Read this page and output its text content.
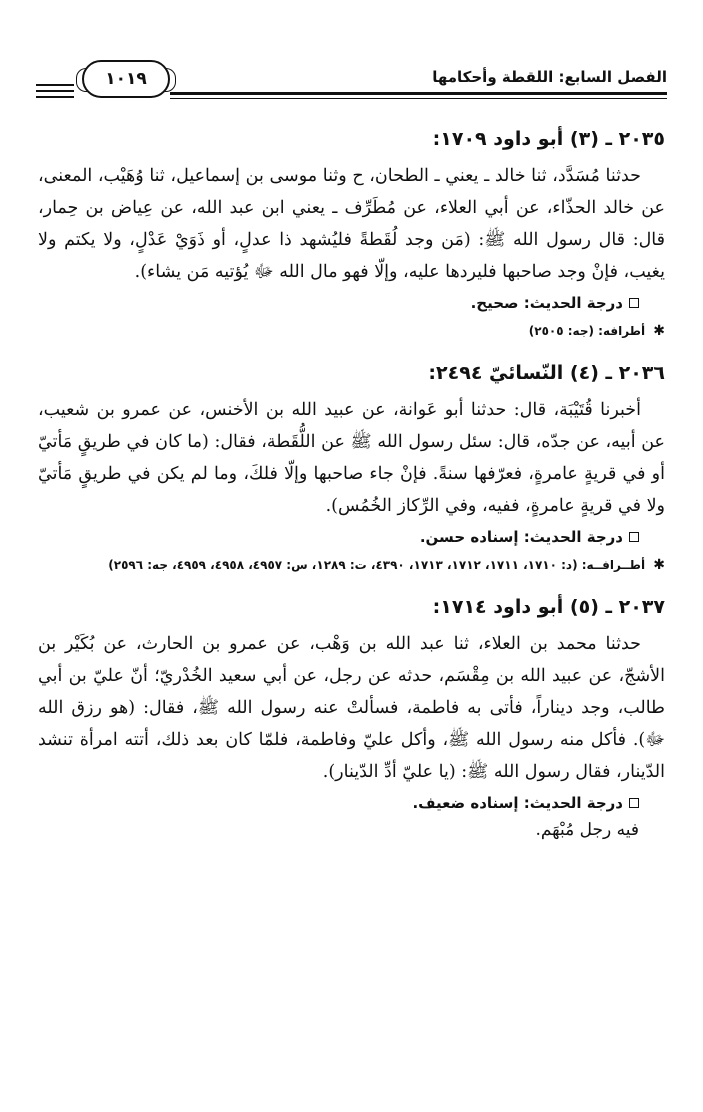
الفصل السابع: اللقطة وأحكامها
١٠١٩
٢٠٣٥ ـ (٣) أبو داود ١٧٠٩:

حدثنا مُسَدَّد، ثنا خالد ـ يعني ـ الطحان، ح وثنا موسى بن إسماعيل، ثنا وُهَيْب، المعنى، عن خالد الحذّاء، عن أبي العلاء، عن مُطَرِّف ـ يعني ابن عبد الله، عن عِياض بن حِمار، قال: قال رسول الله ﷺ: (مَن وجد لُقَطةً فليُشهد ذا عدلٍ، أو ذَوَيْ عَدْلٍ، ولا يكتم ولا يغيب، فإنْ وجد صاحبها فليردها عليه، وإلّا فهو مال الله ﷻ يُؤتيه مَن يشاء).

درجة الحديث: صحيح.
✱ أطرافه: (جه: ٢٥٠٥)
٢٠٣٦ ـ (٤) النّسائيّ ٢٤٩٤:

أخبرنا قُتَيْبَة، قال: حدثنا أبو عَوانة، عن عبيد الله بن الأخنس، عن عمرو بن شعيب، عن أبيه، عن جدّه، قال: سئل رسول الله ﷺ عن اللُّقَطة، فقال: (ما كان في طريقٍ مَأتيّ أو في قريةٍ عامرةٍ، فعرّفها سنةً. فإنْ جاء صاحبها وإلّا فلكَ، وما لم يكن في طريقٍ مَأتيّ ولا في قريةٍ عامرةٍ، ففيه، وفي الرِّكاز الخُمُس).

درجة الحديث: إسناده حسن.
✱ أطــرافــه: (د: ١٧١٠، ١٧١١، ١٧١٢، ١٧١٣، ٤٣٩٠، ت: ١٢٨٩، س: ٤٩٥٧، ٤٩٥٨، ٤٩٥٩، جه: ٢٥٩٦)
٢٠٣٧ ـ (٥) أبو داود ١٧١٤:

حدثنا محمد بن العلاء، ثنا عبد الله بن وَهْب، عن عمرو بن الحارث، عن بُكَيْر بن الأشجّ، عن عبيد الله بن مِقْسَم، حدثه عن رجل، عن أبي سعيد الخُدْريّ؛ أنّ عليّ بن أبي طالب، وجد ديناراً، فأتى به فاطمة، فسألتْ عنه رسول الله ﷺ، فقال: (هو رزق الله ﷻ). فأكل منه رسول الله ﷺ، وأكل عليّ وفاطمة، فلمّا كان بعد ذلك، أتته امرأة تنشد الدّينار، فقال رسول الله ﷺ: (يا عليّ أدِّ الدّينار).

درجة الحديث: إسناده ضعيف.
فيه رجل مُبْهَم.
